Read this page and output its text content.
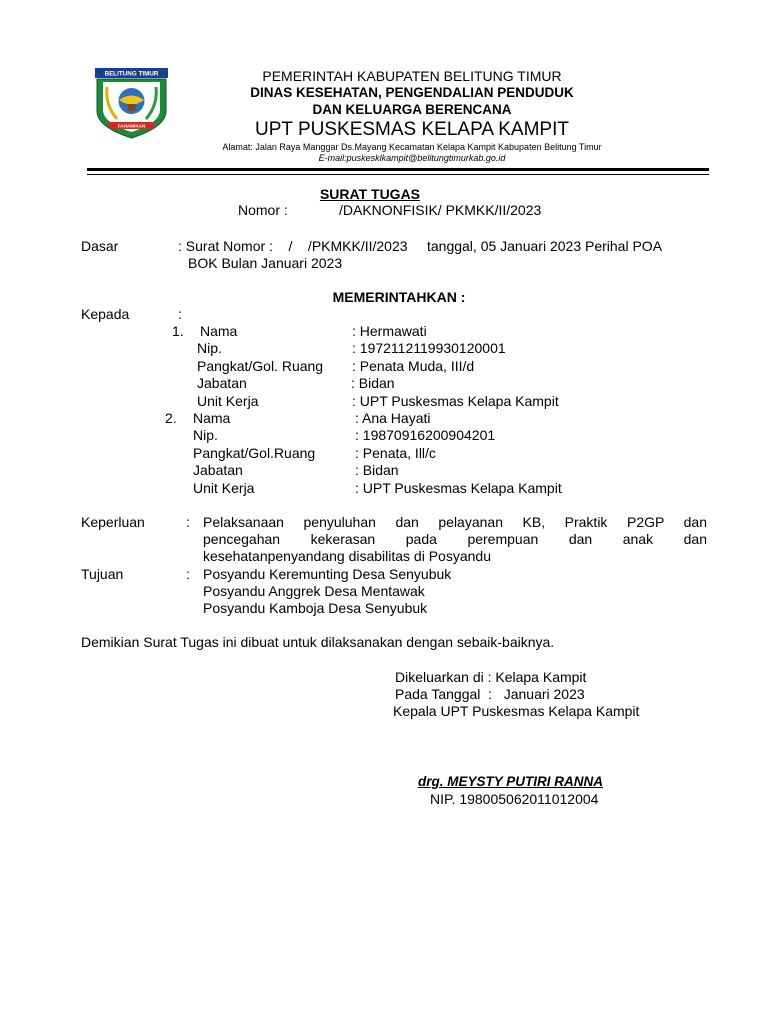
BELITUNG TIMUR
FAHAMIKAN
PEMERINTAH KABUPATEN BELITUNG TIMUR
DINAS KESEHATAN, PENGENDALIAN PENDUDUK
DAN KELUARGA BERENCANA
UPT PUSKESMAS KELAPA KAMPIT
Alamat: Jalan Raya Manggar Ds.Mayang Kecamatan Kelapa Kampit Kabupaten Belitung Timur
E-mail:puskesklkampit@belitungtimurkab.go.id
SURAT TUGAS
Nomor :	/DAKNONFISIK/ PKMKK/II/2023
Dasar	: Surat Nomor :    /    /PKMKK/II/2023     tanggal, 05 Januari 2023 Perihal POA
BOK Bulan Januari 2023
MEMERINTAHKAN :
Kepada	:
1. Nama	: Hermawati
Nip.	: 197211211993012000​1
Pangkat/Gol. Ruang : Penata Muda, III/d
Jabatan	: Bidan
Unit Kerja	: UPT Puskesmas Kelapa Kampit
2. Nama	: Ana Hayati
Nip.	: 19870916200904201
Pangkat/Gol.Ruang	: Penata, Ill/c
Jabatan	: Bidan
Unit Kerja	: UPT Puskesmas Kelapa Kampit
Keperluan	: Pelaksanaan penyuluhan dan pelayanan KB, Praktik P2GP dan
pencegahan kekerasan pada perempuan dan anak dan
kesehatanpenyandang disabilitas di Posyandu
Tujuan	: Posyandu Keremunting Desa Senyubuk
Posyandu Anggrek Desa Mentawak
Posyandu Kamboja Desa Senyubuk
Demikian Surat Tugas ini dibuat untuk dilaksanakan dengan sebaik-baiknya.
Dikeluarkan di : Kelapa Kampit
Pada Tanggal  :   Januari 2023
Kepala UPT Puskesmas Kelapa Kampit
drg. MEYSTY PUTIRI RANNA
NIP. 198005062011012004
